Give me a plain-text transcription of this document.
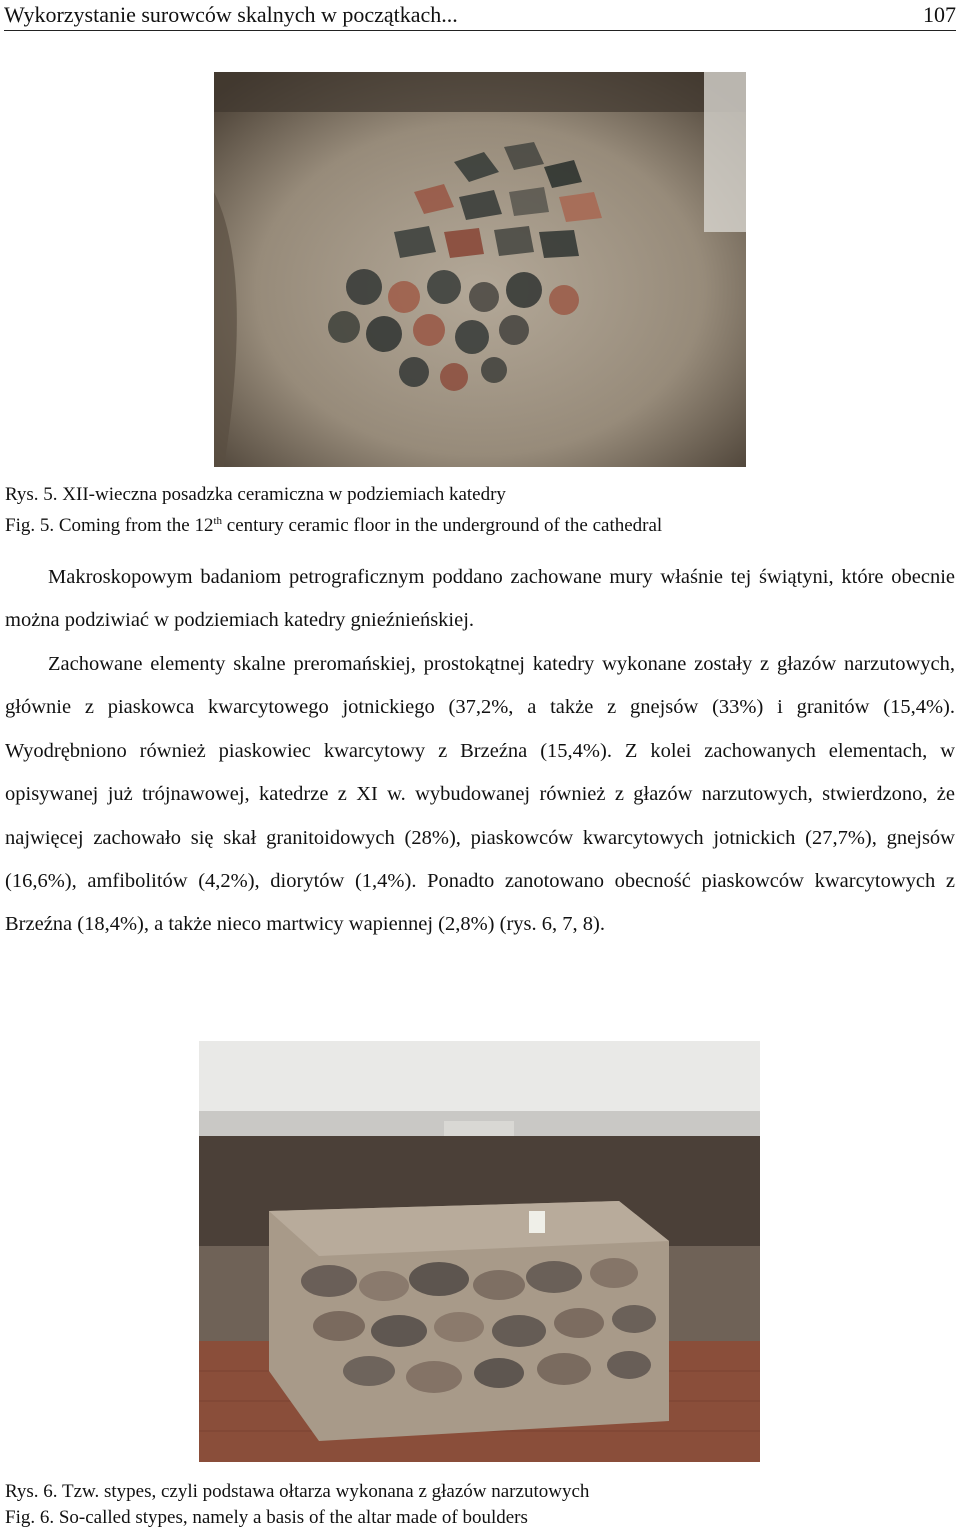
Wykorzystanie surowców skalnych w początkach...	107
Rys. 5. XII-wieczna posadzka ceramiczna w podziemiach katedry
Fig. 5. Coming from the 12th century ceramic floor in the underground of the cathedral

Makroskopowym badaniom petrograficznym poddano zachowane mury właśnie tej świątyni, które obecnie można podziwiać w podziemiach katedry gnieźnieńskiej.

Zachowane elementy skalne preromańskiej, prostokątnej katedry wykonane zostały z głazów narzutowych, głównie z piaskowca kwarcytowego jotnickiego (37,2%, a także z gnejsów (33%) i granitów (15,4%). Wyodrębniono również piaskowiec kwarcytowy z Brzeźna (15,4%). Z kolei zachowanych elementach, w opisywanej już trójnawowej, katedrze z XI w. wybudowanej również z głazów narzutowych, stwierdzono, że najwięcej zachowało się skał granitoidowych (28%), piaskowców kwarcytowych jotnickich (27,7%), gnejsów (16,6%), amfibolitów (4,2%), diorytów (1,4%). Ponadto zanotowano obecność piaskowców kwarcytowych z Brzeźna (18,4%), a także nieco martwicy wapiennej (2,8%) (rys. 6, 7, 8).

Rys. 6. Tzw. stypes, czyli podstawa ołtarza wykonana z głazów narzutowych
Fig. 6. So-called stypes, namely a basis of the altar made of boulders
